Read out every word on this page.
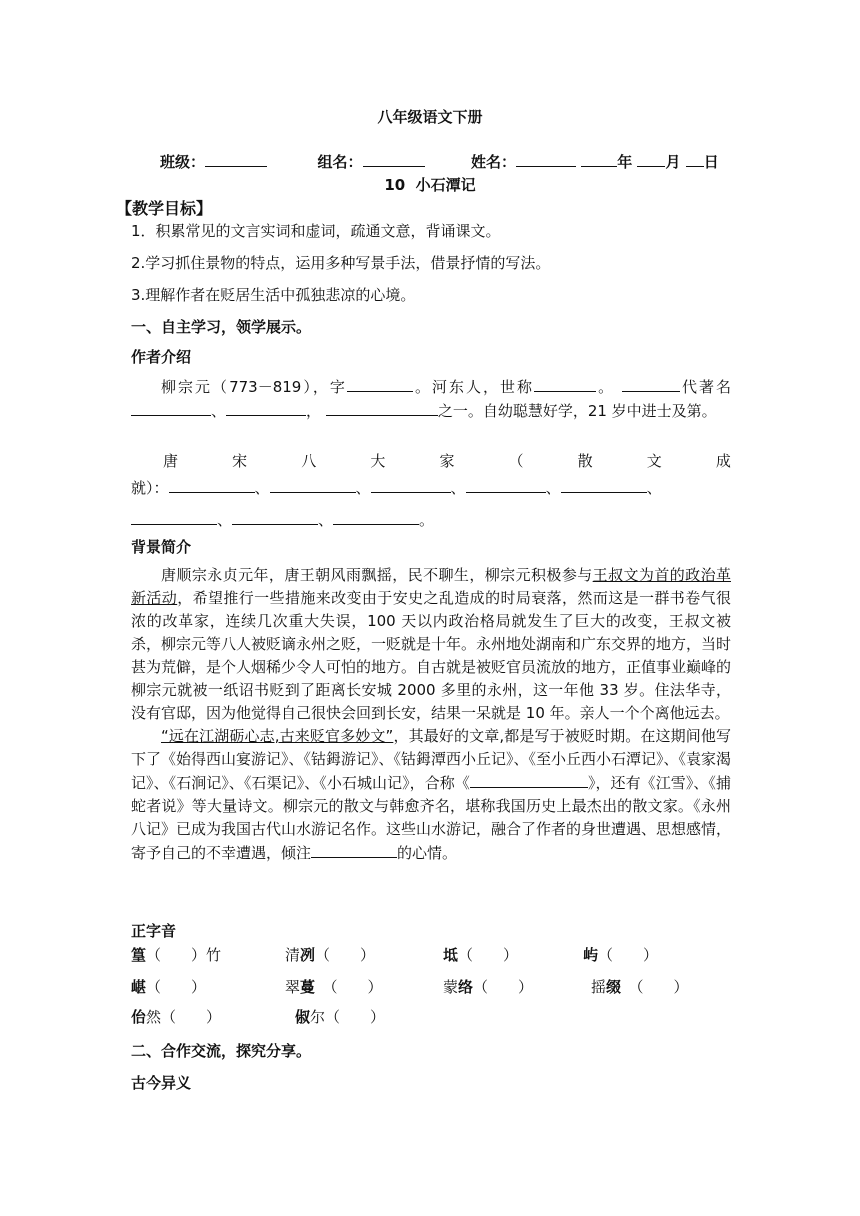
八年级语文下册
班级：	组名：	姓名：	年 月 日
10 小石潭记
【教学目标】
1．积累常见的文言实词和虚词，疏通文意，背诵课文。
2.学习抓住景物的特点，运用多种写景手法，借景抒情的写法。
3.理解作者在贬居生活中孤独悲凉的心境。
一、自主学习，领学展示。
作者介绍
柳宗元（773－819），字	。河东人，世称	。	代著名、	，	之一。自幼聪慧好学，21 岁中进士及第。
唐	宋	八	大	家	（	散	文	成
就）：	、	、	、	、	、
、	、	。
背景简介
唐顺宗永贞元年，唐王朝风雨飘摇，民不聊生，柳宗元积极参与王叔文为首的政治革新活动，希望推行一些措施来改变由于安史之乱造成的时局衰落，然而这是一群书卷气很浓的改革家，连续几次重大失误，100 天以内政治格局就发生了巨大的改变，王叔文被杀，柳宗元等八人被贬谪永州之贬，一贬就是十年。永州地处湖南和广东交界的地方，当时甚为荒僻，是个人烟稀少令人可怕的地方。自古就是被贬官员流放的地方，正值事业巅峰的柳宗元就被一纸诏书贬到了距离长安城 2000 多里的永州，这一年他 33 岁。住法华寺，没有官邸，因为他觉得自己很快会回到长安，结果一呆就是 10 年。亲人一个个离他远去。
“远在江湖砺心志,古来贬官多妙文”，其最好的文章,都是写于被贬时期。在这期间他写下了《始得西山宴游记》、《钴鉧游记》、《钴鉧潭西小丘记》、《至小丘西小石潭记》、《袁家渴记》、《石涧记》、《石渠记》、《小石城山记》，合称《	》，还有《江雪》、《捕蛇者说》等大量诗文。柳宗元的散文与韩愈齐名，堪称我国历史上最杰出的散文家。《永州八记》已成为我国古代山水游记名作。这些山水游记，融合了作者的身世遭遇、思想感情，寄予自己的不幸遭遇，倾注	的心情。
正字音
篁（　　）竹	清冽（　　）	坻（　　）	屿（　　）
嵁（　　）	翠蔓　（　　）	蒙络（　　）	摇缀　（　　）
佁然（　　）	俶尔（　　）
二、合作交流，探究分享。
古今异义
